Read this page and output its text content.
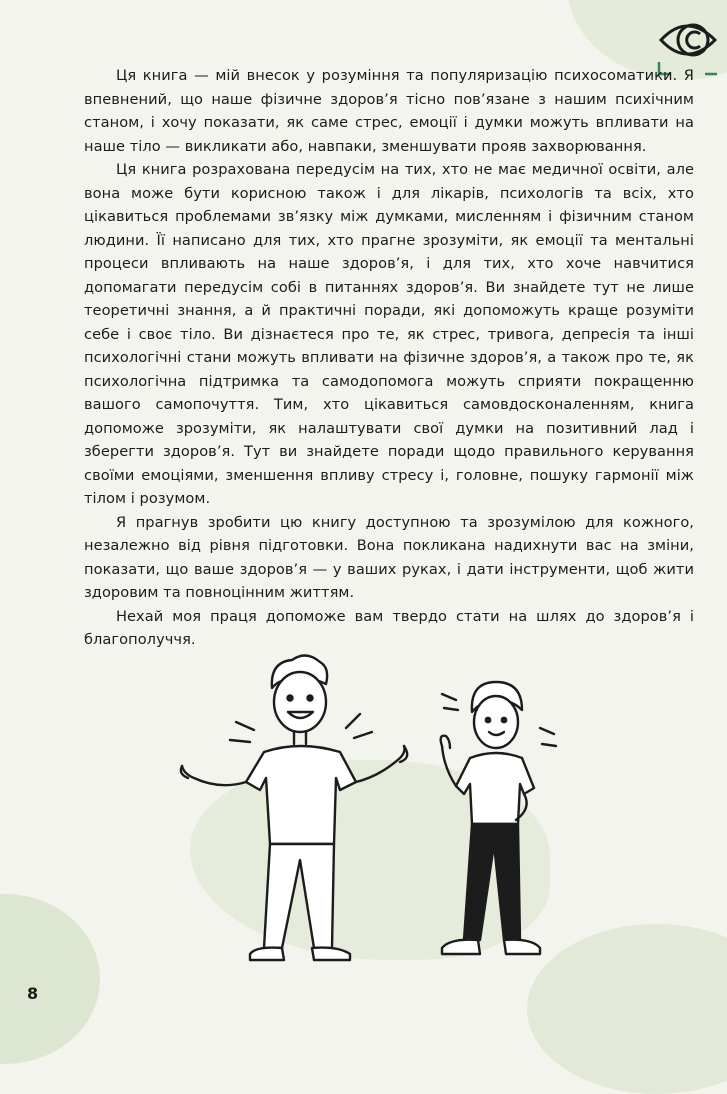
Ця книга — мій внесок у розуміння та популяризацію психосоматики. Я впевнений, що наше фізичне здоров’я тісно пов’язане з нашим психічним станом, і хочу показати, як саме стрес, емоції і думки можуть впливати на наше тіло — викликати або, навпаки, зменшувати прояв захворювання.

Ця книга розрахована передусім на тих, хто не має медичної освіти, але вона може бути корисною також і для лікарів, психологів та всіх, хто цікавиться проблемами зв’язку між думками, мисленням і фізичним станом людини. Її написано для тих, хто прагне зрозуміти, як емоції та ментальні процеси впливають на наше здоров’я, і для тих, хто хоче навчитися допомагати передусім собі в питаннях здоров’я. Ви знайдете тут не лише теоретичні знання, а й практичні поради, які допоможуть краще розуміти себе і своє тіло. Ви дізнаєтеся про те, як стрес, тривога, депресія та інші психологічні стани можуть впливати на фізичне здоров’я, а також про те, як психологічна підтримка та самодопомога можуть сприяти покращенню вашого самопочуття. Тим, хто цікавиться самовдосконаленням, книга допоможе зрозуміти, як налаштувати свої думки на позитивний лад і зберегти здоров’я. Тут ви знайдете поради щодо правильного керування своїми емоціями, зменшення впливу стресу і, головне, пошуку гармонії між тілом і розумом.

Я прагнув зробити цю книгу доступною та зрозумілою для кожного, незалежно від рівня підготовки. Вона покликана надихнути вас на зміни, показати, що ваше здоров’я — у ваших руках, і дати інструменти, щоб жити здоровим та повноцінним життям.

Нехай моя праця допоможе вам твердо стати на шлях до здоров’я і благополуччя.

8
